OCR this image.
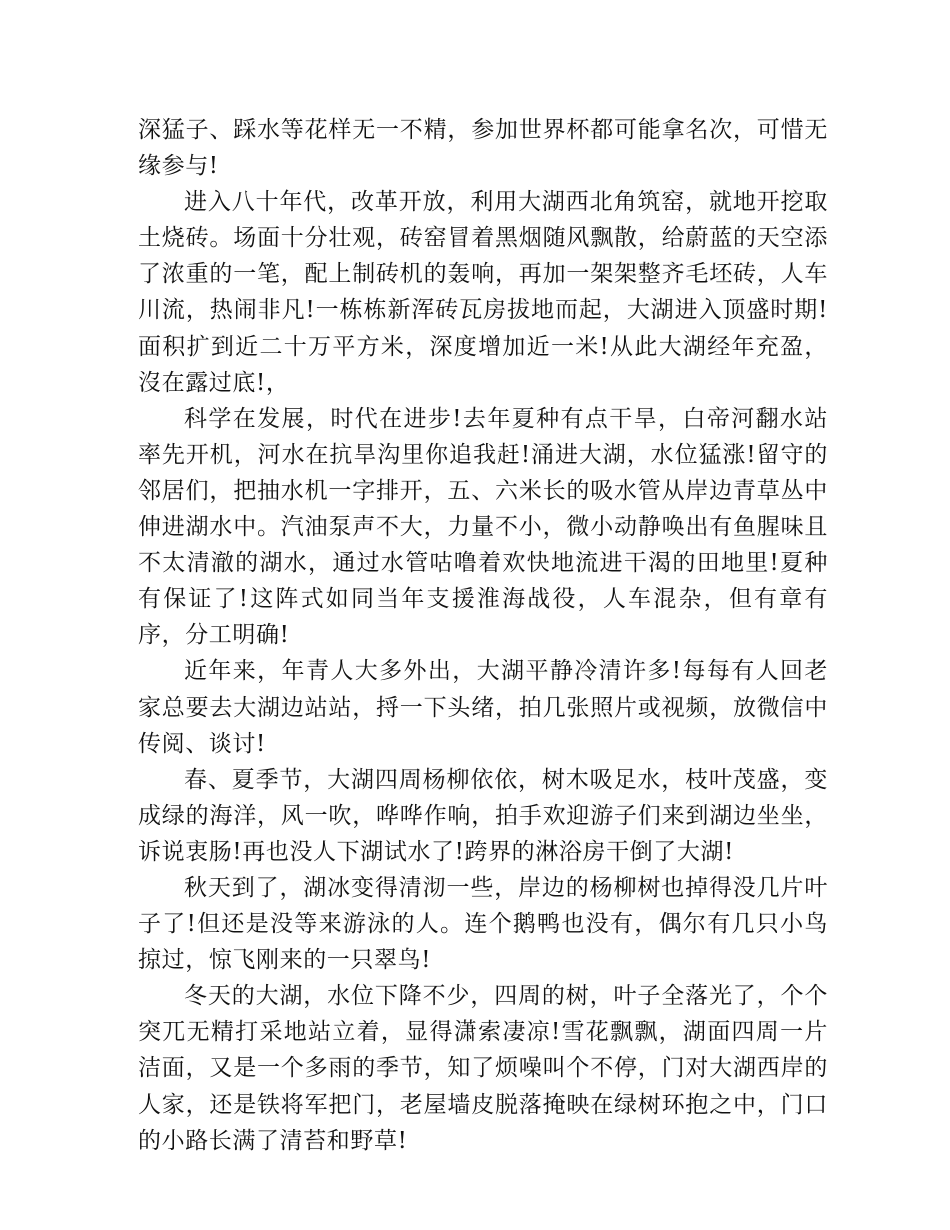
深猛子、踩水等花样无一不精，参加世界杯都可能拿名次，可惜无缘参与!

进入八十年代，改革开放，利用大湖西北角筑窑，就地开挖取土烧砖。场面十分壮观，砖窑冒着黑烟随风飘散，给蔚蓝的天空添了浓重的一笔，配上制砖机的轰响，再加一架架整齐毛坯砖，人车川流，热闹非凡!一栋栋新浑砖瓦房拔地而起，大湖进入顶盛时期!面积扩到近二十万平方米，深度增加近一米!从此大湖经年充盈，沒在露过底!，

科学在发展，时代在进步!去年夏种有点干旱，白帝河翻水站率先开机，河水在抗旱沟里你追我赶!涌进大湖，水位猛涨!留守的邻居们，把抽水机一字排开，五、六米长的吸水管从岸边青草丛中伸进湖水中。汽油泵声不大，力量不小，微小动静唤出有鱼腥味且不太清澈的湖水，通过水管咕噜着欢快地流进干渴的田地里!夏种有保证了!这阵式如同当年支援淮海战役，人车混杂，但有章有序，分工明确!

近年来，年青人大多外出，大湖平静冷清许多!每每有人回老家总要去大湖边站站，捋一下头绪，拍几张照片或视频，放微信中传阅、谈讨!

春、夏季节，大湖四周杨柳依依，树木吸足水，枝叶茂盛，变成绿的海洋，风一吹，哗哗作响，拍手欢迎游子们来到湖边坐坐，诉说衷肠!再也没人下湖试水了!跨界的淋浴房干倒了大湖!

秋天到了，湖冰变得清沏一些，岸边的杨柳树也掉得没几片叶子了!但还是没等来游泳的人。连个鹅鸭也没有，偶尔有几只小鸟掠过，惊飞刚来的一只翠鸟!

冬天的大湖，水位下降不少，四周的树，叶子全落光了，个个突兀无精打采地站立着，显得潇索凄凉!雪花飘飘，湖面四周一片洁面，又是一个多雨的季节，知了烦噪叫个不停，门对大湖西岸的人家，还是铁将军把门，老屋墙皮脱落掩映在绿树环抱之中，门口的小路长满了清苔和野草!
